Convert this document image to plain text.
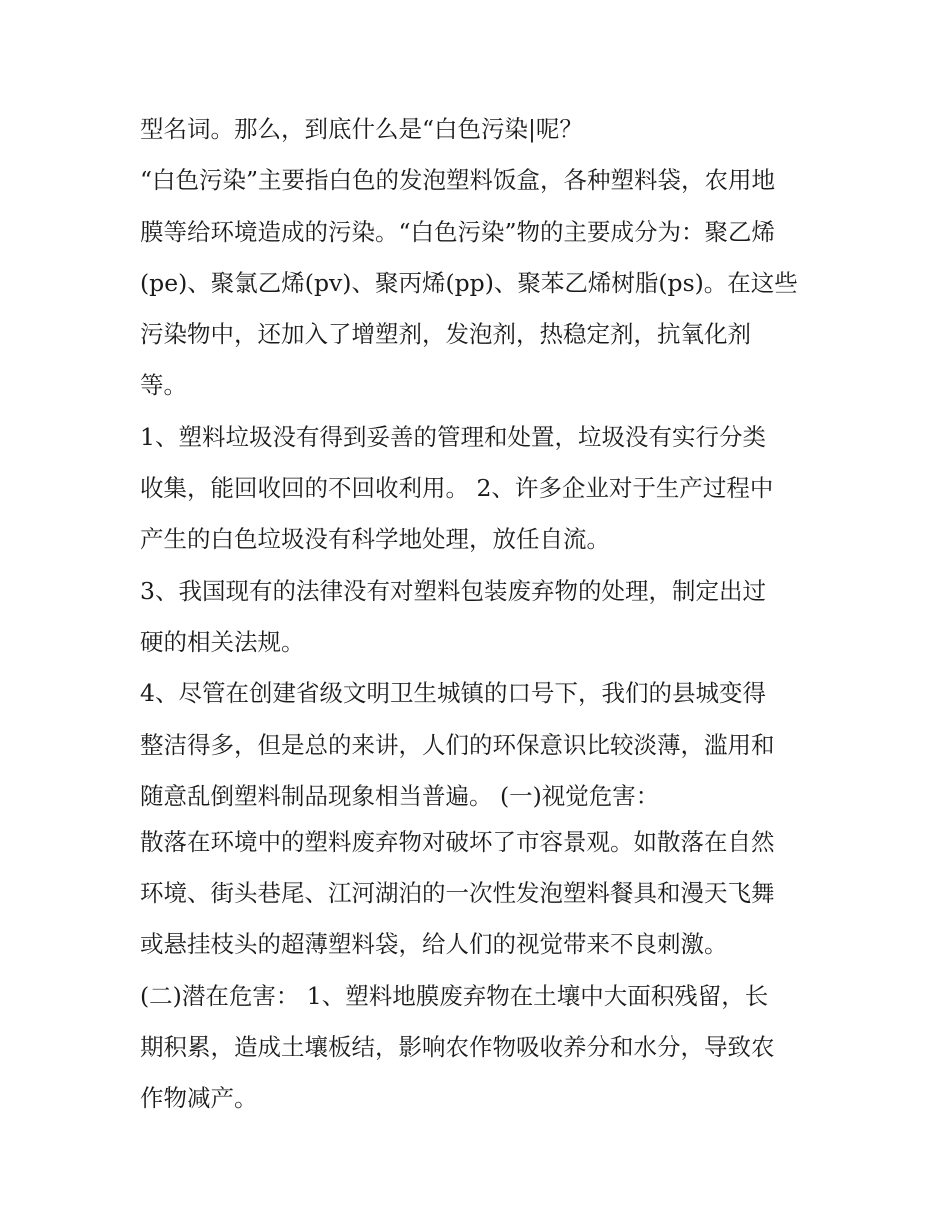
型名词。那么，到底什么是“白色污染|呢？
“白色污染”主要指白色的发泡塑料饭盒，各种塑料袋，农用地
膜等给环境造成的污染。“白色污染”物的主要成分为：聚乙烯
(pe)、聚氯乙烯(pv)、聚丙烯(pp)、聚苯乙烯树脂(ps)。在这些
污染物中，还加入了增塑剂，发泡剂，热稳定剂，抗氧化剂
等。
1、塑料垃圾没有得到妥善的管理和处置，垃圾没有实行分类
收集，能回收回的不回收利用。 2、许多企业对于生产过程中
产生的白色垃圾没有科学地处理，放任自流。
3、我国现有的法律没有对塑料包装废弃物的处理，制定出过
硬的相关法规。
4、尽管在创建省级文明卫生城镇的口号下，我们的县城变得
整洁得多，但是总的来讲，人们的环保意识比较淡薄，滥用和
随意乱倒塑料制品现象相当普遍。 (一)视觉危害：
散落在环境中的塑料废弃物对破坏了市容景观。如散落在自然
环境、街头巷尾、江河湖泊的一次性发泡塑料餐具和漫天飞舞
或悬挂枝头的超薄塑料袋，给人们的视觉带来不良刺激。
(二)潜在危害： 1、塑料地膜废弃物在土壤中大面积残留，长
期积累，造成土壤板结，影响农作物吸收养分和水分，导致农
作物减产。
